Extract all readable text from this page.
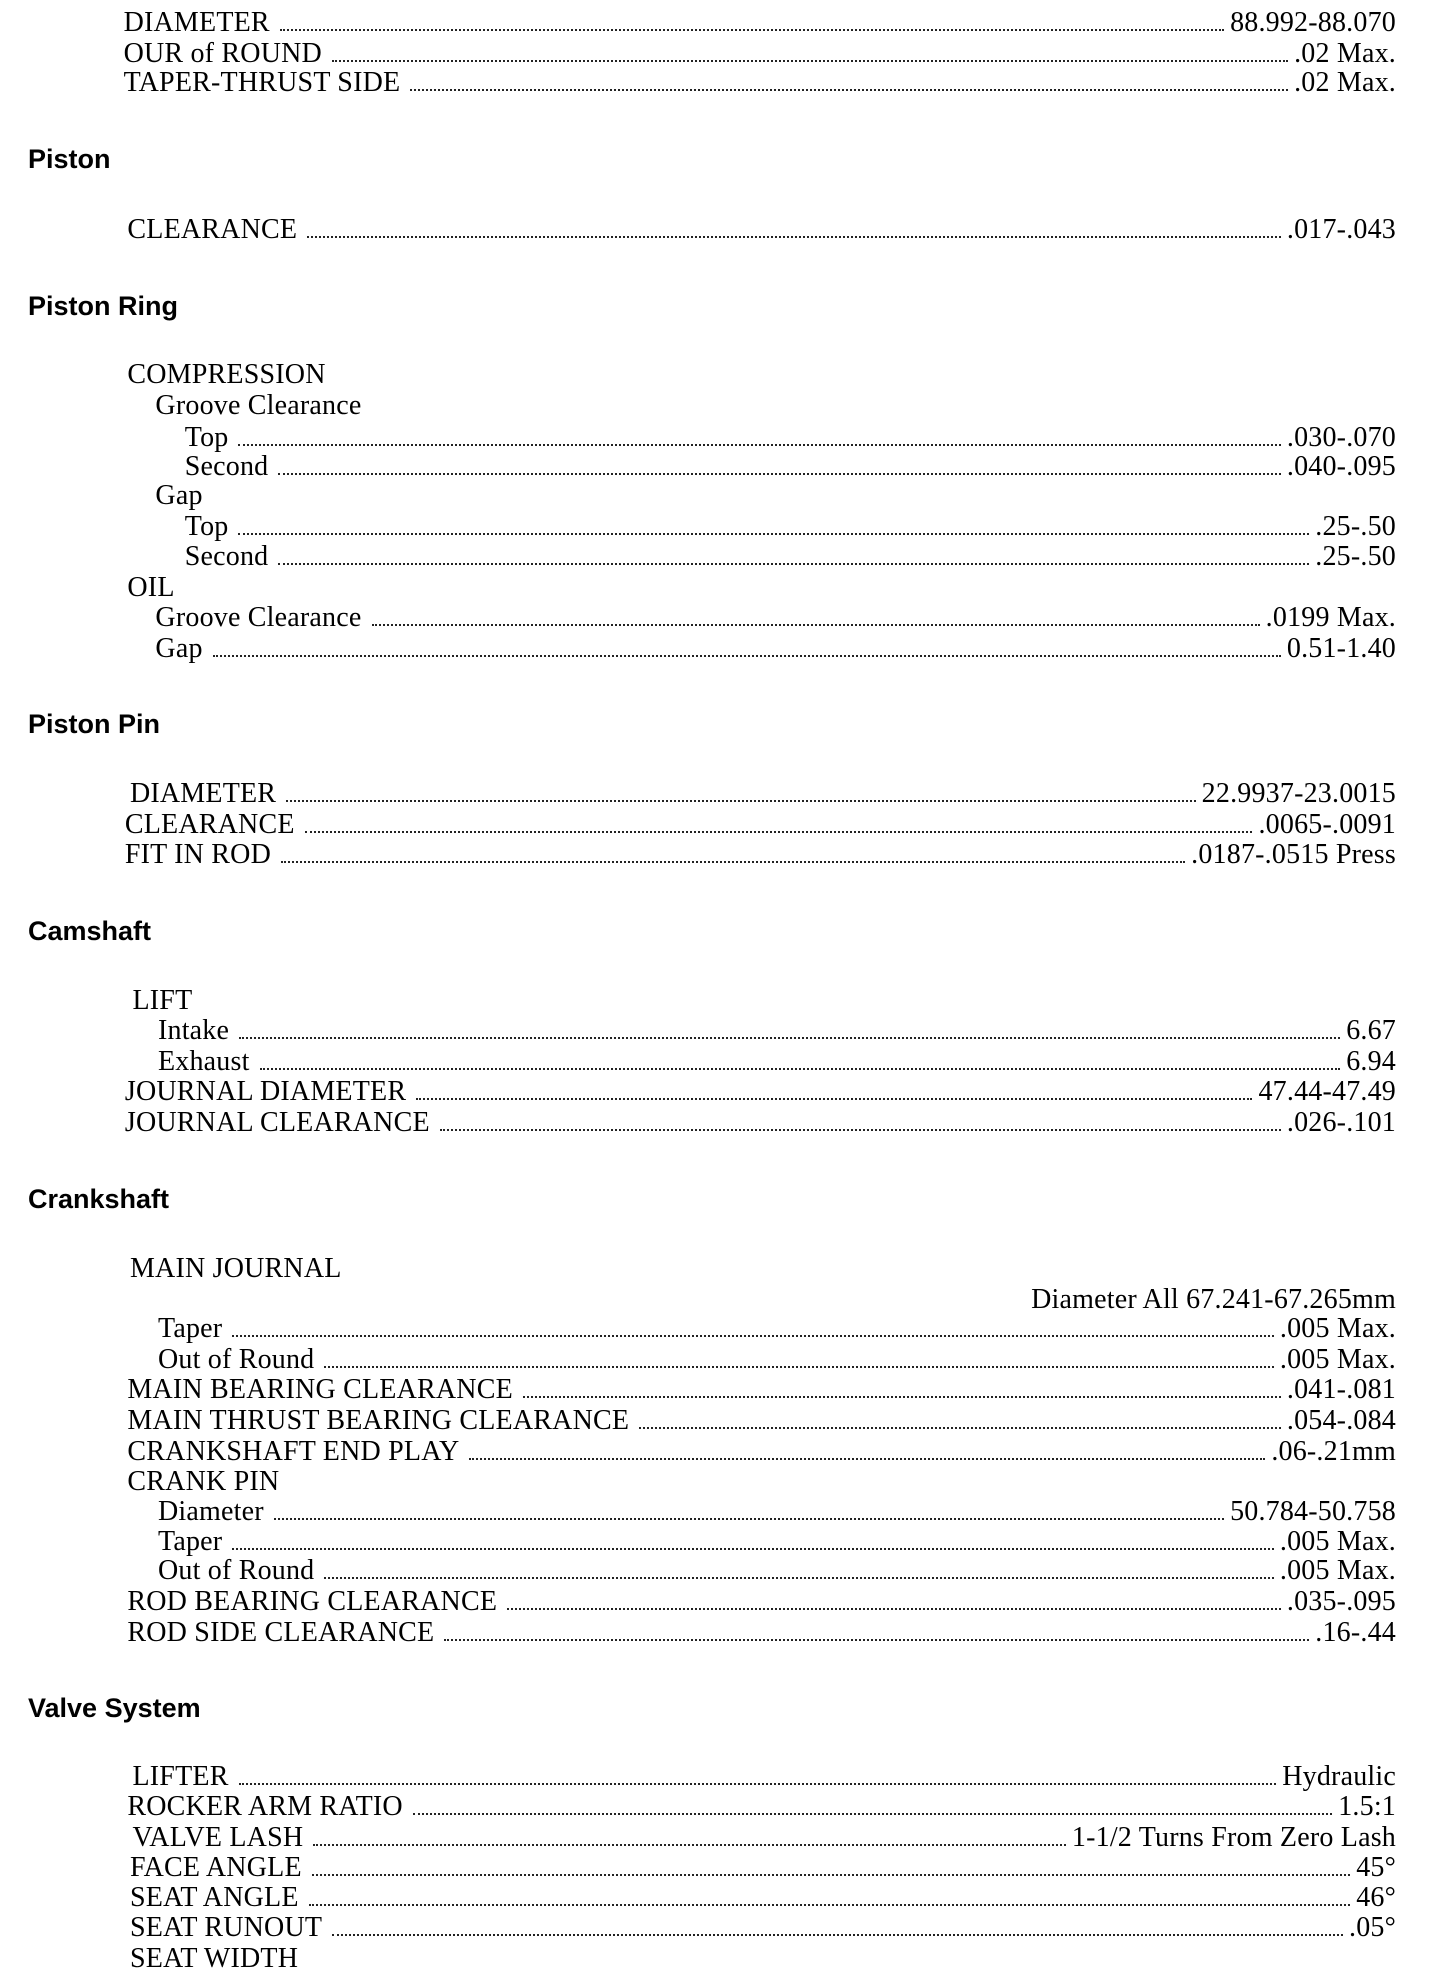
DIAMETER	88.992-88.070
OUR of ROUND	.02 Max.
TAPER-THRUST SIDE	.02 Max.
Piston
CLEARANCE	.017-.043
Piston Ring
COMPRESSION
Groove Clearance
Top	.030-.070
Second	.040-.095
Gap
Top	.25-.50
Second	.25-.50
OIL
Groove Clearance	.0199 Max.
Gap	0.51-1.40
Piston Pin
DIAMETER	22.9937-23.0015
CLEARANCE	.0065-.0091
FIT IN ROD	.0187-.0515 Press
Camshaft
LIFT
Intake	6.67
Exhaust	6.94
JOURNAL DIAMETER	47.44-47.49
JOURNAL CLEARANCE	.026-.101
Crankshaft
MAIN JOURNAL
Diameter All 67.241-67.265mm
Taper	.005 Max.
Out of Round	.005 Max.
MAIN BEARING CLEARANCE	.041-.081
MAIN THRUST BEARING CLEARANCE	.054-.084
CRANKSHAFT END PLAY	.06-.21mm
CRANK PIN
Diameter	50.784-50.758
Taper	.005 Max.
Out of Round	.005 Max.
ROD BEARING CLEARANCE	.035-.095
ROD SIDE CLEARANCE	.16-.44
Valve System
LIFTER	Hydraulic
ROCKER ARM RATIO	1.5:1
VALVE LASH	1-1/2 Turns From Zero Lash
FACE ANGLE	45°
SEAT ANGLE	46°
SEAT RUNOUT	.05°
SEAT WIDTH
